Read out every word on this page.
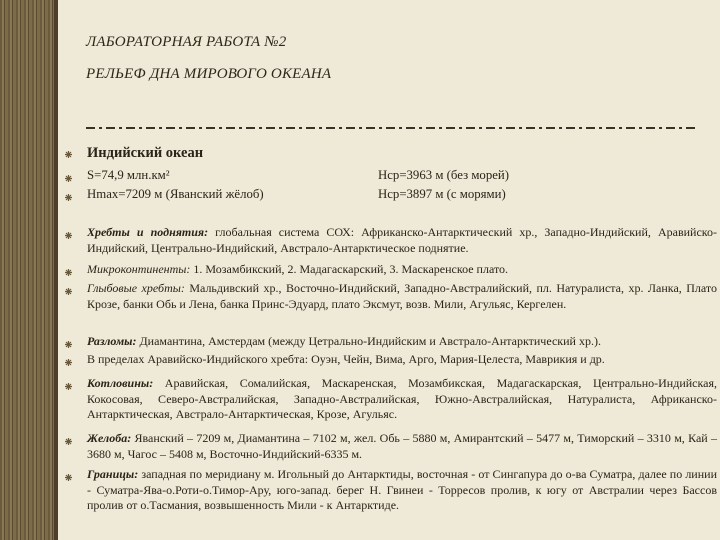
ЛАБОРАТОРНАЯ РАБОТА №2
РЕЛЬЕФ ДНА МИРОВОГО ОКЕАНА
Индийский океан
S=74,9 млн.км²	Hср=3963 м (без морей)
Hmax=7209 м (Яванский жёлоб)	Hср=3897 м (с морями)
Хребты и поднятия: глобальная система СОХ: Африканско-Антарктический хр., Западно-Индийский, Аравийско-Индийский, Центрально-Индийский, Австрало-Антарктическое поднятие.
Микроконтиненты: 1. Мозамбикский, 2. Мадагаскарский, 3. Маскаренское плато.
Глыбовые хребты: Мальдивский хр., Восточно-Индийский, Западно-Австралийский, пл. Натуралиста, хр. Ланка, Плато Крозе, банки Обь и Лена, банка Принс-Эдуард, плато Эксмут, возв. Мили, Агульяс, Кергелен.
Разломы: Диамантина, Амстердам (между Цетрально-Индийским и Австрало-Антарктический хр.).
В пределах Аравийско-Индийского хребта: Оуэн, Чейн, Вима, Арго, Мария-Целеста, Маврикия и др.
Котловины: Аравийская, Сомалийская, Маскаренская, Мозамбикская, Мадагаскарская, Центрально-Индийская, Кокосовая, Северо-Австралийская, Западно-Австралийская, Южно-Австралийская, Натуралиста, Африканско-Антарктическая, Австрало-Антарктическая, Крозе, Агульяс.
Желоба: Яванский – 7209 м, Диамантина – 7102 м, жел. Обь – 5880 м, Амирантский – 5477 м, Тиморский – 3310 м, Кай – 3680 м, Чагос – 5408 м, Восточно-Индийский-6335 м.
Границы: западная по меридиану м. Игольный до Антарктиды, восточная - от Сингапура до о-ва Суматра, далее по линии - Суматра-Ява-о.Роти-о.Тимор-Ару, юго-запад. берег Н. Гвинеи - Торресов пролив, к югу от Австралии через Бассов пролив от о.Тасмания, возвышенность Мили - к Антарктиде.
